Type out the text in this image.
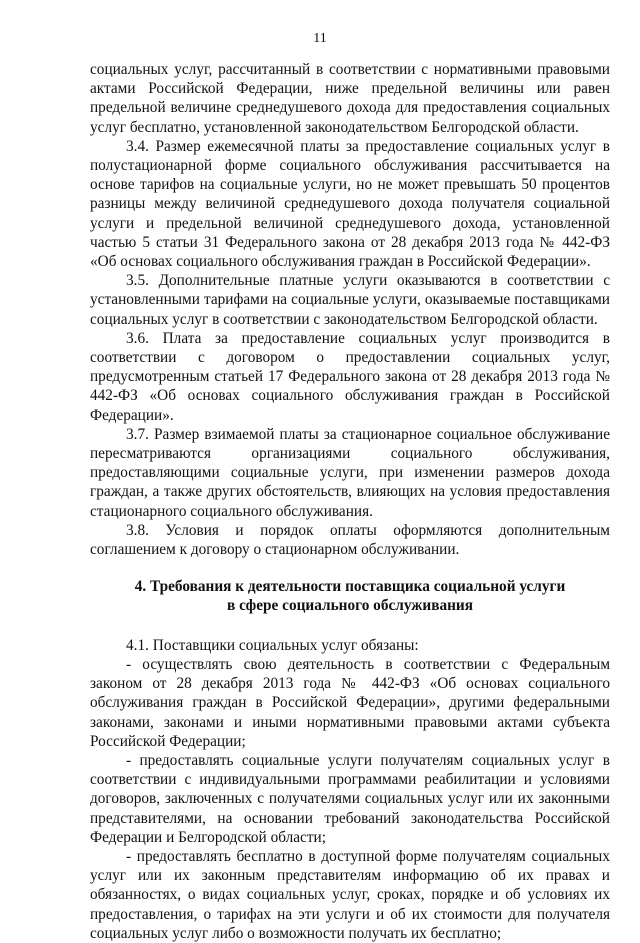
11

социальных услуг, рассчитанный в соответствии с нормативными правовыми актами Российской Федерации, ниже предельной величины или равен предельной величине среднедушевого дохода для предоставления социальных услуг бесплатно, установленной законодательством Белгородской области.

3.4. Размер ежемесячной платы за предоставление социальных услуг в полустационарной форме социального обслуживания рассчитывается на основе тарифов на социальные услуги, но не может превышать 50 процентов разницы между величиной среднедушевого дохода получателя социальной услуги и предельной величиной среднедушевого дохода, установленной частью 5 статьи 31 Федерального закона от 28 декабря 2013 года № 442-ФЗ «Об основах социального обслуживания граждан в Российской Федерации».

3.5. Дополнительные платные услуги оказываются в соответствии с установленными тарифами на социальные услуги, оказываемые поставщиками социальных услуг в соответствии с законодательством Белгородской области.

3.6. Плата за предоставление социальных услуг производится в соответствии с договором о предоставлении социальных услуг, предусмотренным статьей 17 Федерального закона от 28 декабря 2013 года № 442-ФЗ «Об основах социального обслуживания граждан в Российской Федерации».

3.7. Размер взимаемой платы за стационарное социальное обслуживание пересматриваются организациями социального обслуживания, предоставляющими социальные услуги, при изменении размеров дохода граждан, а также других обстоятельств, влияющих на условия предоставления стационарного социального обслуживания.

3.8. Условия и порядок оплаты оформляются дополнительным соглашением к договору о стационарном обслуживании.

4. Требования к деятельности поставщика социальной услуги
в сфере социального обслуживания

4.1. Поставщики социальных услуг обязаны:

- осуществлять свою деятельность в соответствии с Федеральным законом от 28 декабря 2013 года № 442-ФЗ «Об основах социального обслуживания граждан в Российской Федерации», другими федеральными законами, законами и иными нормативными правовыми актами субъекта Российской Федерации;

- предоставлять социальные услуги получателям социальных услуг в соответствии с индивидуальными программами реабилитации и условиями договоров, заключенных с получателями социальных услуг или их законными представителями, на основании требований законодательства Российской Федерации и Белгородской области;

- предоставлять бесплатно в доступной форме получателям социальных услуг или их законным представителям информацию об их правах и обязанностях, о видах социальных услуг, сроках, порядке и об условиях их предоставления, о тарифах на эти услуги и об их стоимости для получателя социальных услуг либо о возможности получать их бесплатно;
